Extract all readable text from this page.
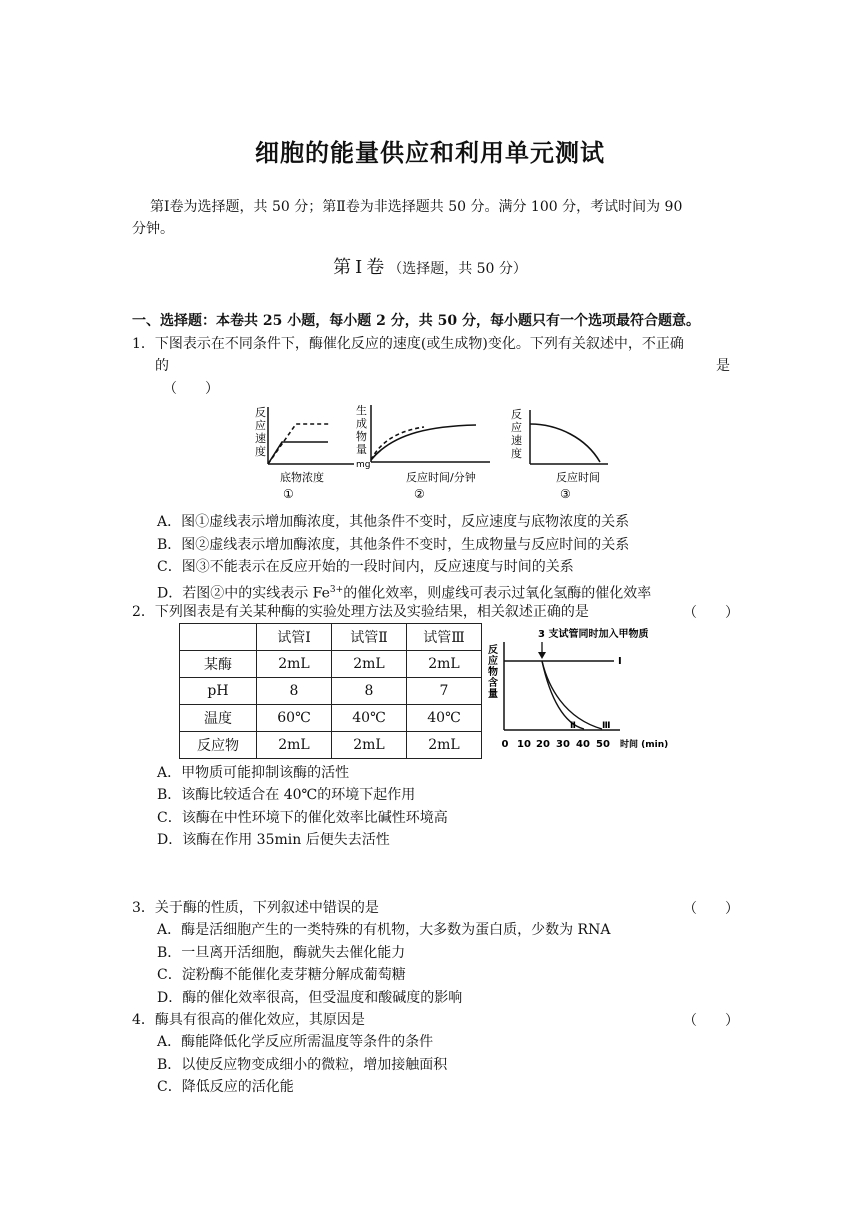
细胞的能量供应和利用单元测试
第Ⅰ卷为选择题，共 50 分；第Ⅱ卷为非选择题共 50 分。满分 100 分，考试时间为 90
分钟。
第Ⅰ卷（选择题，共 50 分）
一、选择题：本卷共 25 小题，每小题 2 分，共 50 分，每小题只有一个选项最符合题意。
1．下图表示在不同条件下，酶催化反应的速度(或生成物)变化。下列有关叙述中，不正确
的	是
（　　）
反
应
速
度
底物浓度
①
生
成
物
量
mg
反应时间/分钟
②
反
应
速
度
反应时间
③
A．图①虚线表示增加酶浓度，其他条件不变时，反应速度与底物浓度的关系
B．图②虚线表示增加酶浓度，其他条件不变时，生成物量与反应时间的关系
C．图③不能表示在反应开始的一段时间内，反应速度与时间的关系
D．若图②中的实线表示 $Fe^{3+}$的催化效率，则虚线可表示过氧化氢酶的催化效率
2．下列图表是有关某种酶的实验处理方法及实验结果，相关叙述正确的是	（　　）
	试管Ⅰ	试管Ⅱ	试管Ⅲ
某酶	2mL	2mL	2mL
pH	8	8	7
温度	60℃	40℃	40℃
反应物	2mL	2mL	2mL
3 支试管同时加入甲物质
反
应
物
含
量
Ⅰ
Ⅱ	Ⅲ
0 10 20 30 40 50 时间 (min)
A．甲物质可能抑制该酶的活性
B．该酶比较适合在 40℃的环境下起作用
C．该酶在中性环境下的催化效率比碱性环境高
D．该酶在作用 35min 后便失去活性
3．关于酶的性质，下列叙述中错误的是	（　　）
A．酶是活细胞产生的一类特殊的有机物，大多数为蛋白质，少数为 RNA
B．一旦离开活细胞，酶就失去催化能力
C．淀粉酶不能催化麦芽糖分解成葡萄糖
D．酶的催化效率很高，但受温度和酸碱度的影响
4．酶具有很高的催化效应，其原因是	（　　）
A．酶能降低化学反应所需温度等条件的条件
B．以使反应物变成细小的微粒，增加接触面积
C．降低反应的活化能
